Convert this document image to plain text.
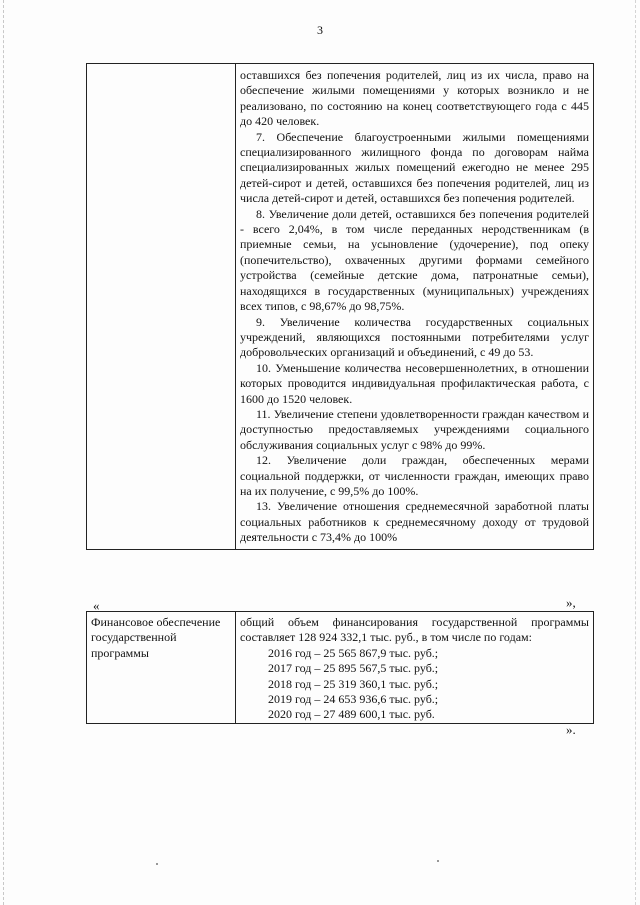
3

оставшихся без попечения родителей, лиц из их числа, право на обеспечение жилыми помещениями у которых возникло и не реализовано, по состоянию на конец соответствующего года с 445 до 420 человек.
7. Обеспечение благоустроенными жилыми помещениями специализированного жилищного фонда по договорам найма специализированных жилых помещений ежегодно не менее 295 детей-сирот и детей, оставшихся без попечения родителей, лиц из числа детей-сирот и детей, оставшихся без попечения родителей.
8. Увеличение доли детей, оставшихся без попечения родителей - всего 2,04%, в том числе переданных неродственникам (в приемные семьи, на усыновление (удочерение), под опеку (попечительство), охваченных другими формами семейного устройства (семейные детские дома, патронатные семьи), находящихся в государственных (муниципальных) учреждениях всех типов, с 98,67% до 98,75%.
9. Увеличение количества государственных социальных учреждений, являющихся постоянными потребителями услуг добровольческих организаций и объединений, с 49 до 53.
10. Уменьшение количества несовершеннолетних, в отношении которых проводится индивидуальная профилактическая работа, с 1600 до 1520 человек.
11. Увеличение степени удовлетворенности граждан качеством и доступностью предоставляемых учреждениями социального обслуживания социальных услуг с 98% до 99%.
12. Увеличение доли граждан, обеспеченных мерами социальной поддержки, от численности граждан, имеющих право на их получение, с 99,5% до 100%.
13. Увеличение отношения среднемесячной заработной платы социальных работников к среднемесячному доходу от трудовой деятельности с 73,4% до 100%
»,
«
Финансовое обеспечение государственной программы	
общий объем финансирования государственной программы составляет 128 924 332,1 тыс. руб., в том числе по годам:
2016 год – 25 565 867,9 тыс. руб.;
2017 год – 25 895 567,5 тыс. руб.;
2018 год – 25 319 360,1 тыс. руб.;
2019 год – 24 653 936,6 тыс. руб.;
2020 год – 27 489 600,1 тыс. руб.
».
